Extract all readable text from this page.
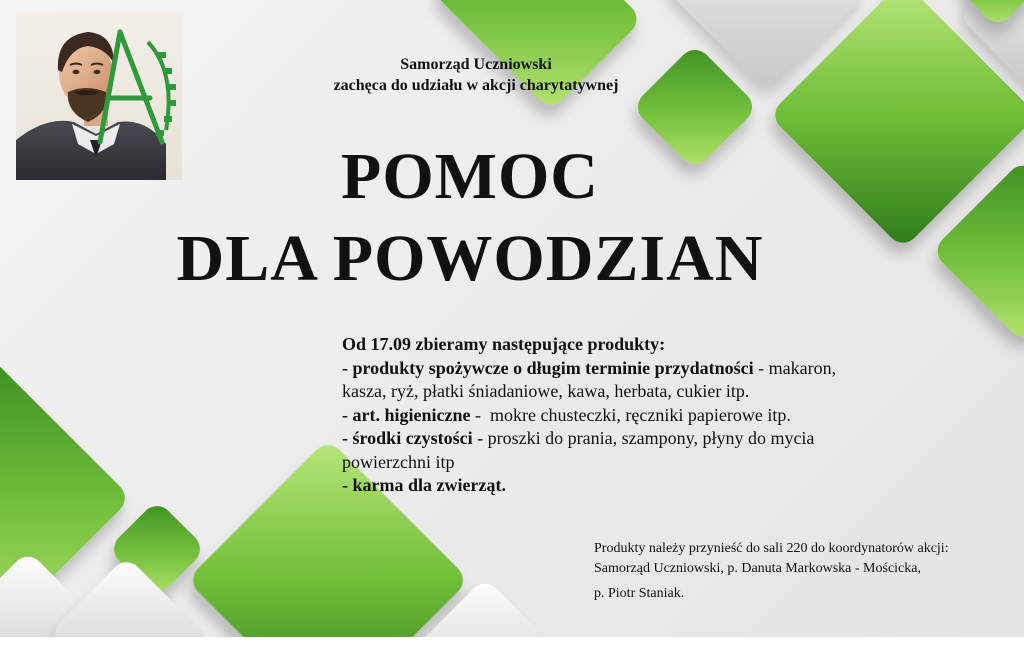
Samorząd Uczniowski
zachęca do udziału w akcji charytatywnej
POMOC
DLA POWODZIAN
Od 17.09 zbieramy następujące produkty:
- produkty spożywcze o długim terminie przydatności - makaron,
kasza, ryż, płatki śniadaniowe, kawa, herbata, cukier itp.
- art. higieniczne -  mokre chusteczki, ręczniki papierowe itp.
- środki czystości - proszki do prania, szampony, płyny do mycia
powierzchni itp
- karma dla zwierząt.
Produkty należy przynieść do sali 220 do koordynatorów akcji:
Samorząd Uczniowski, p. Danuta Markowska - Mościcka,
p. Piotr Staniak.
